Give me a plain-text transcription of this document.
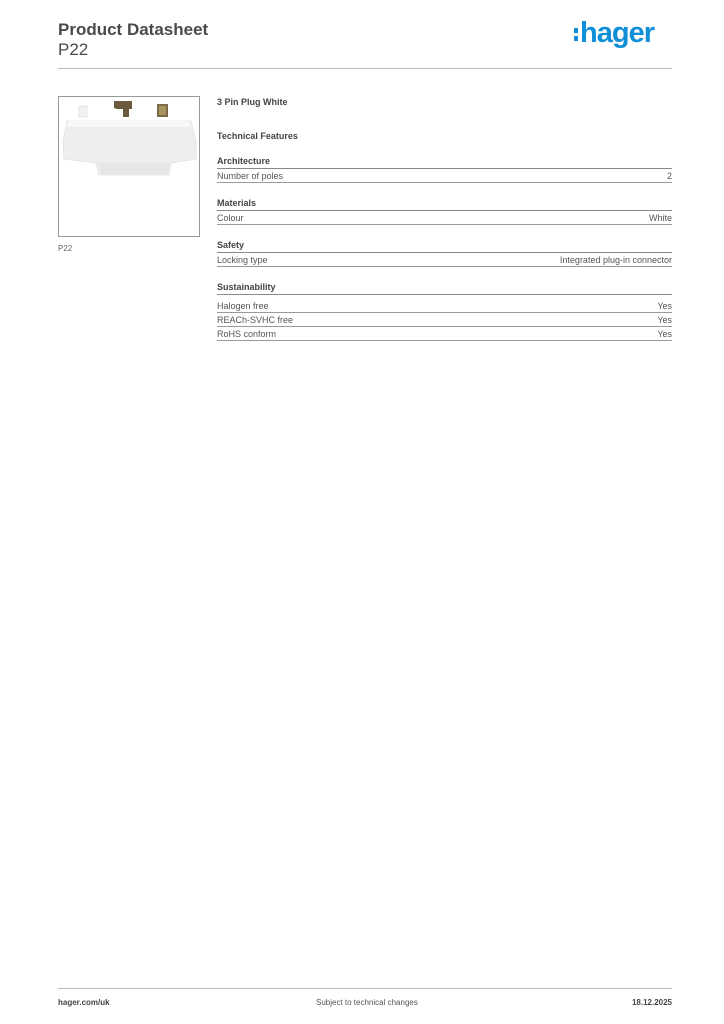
Product Datasheet
P22
hager
P22
3 Pin Plug White
Technical Features
Architecture
Number of poles	2
Materials
Colour	White
Safety
Locking type	Integrated plug-in connector
Sustainability
Halogen free	Yes
REACh-SVHC free	Yes
RoHS conform	Yes
hager.com/uk	Subject to technical changes	18.12.2025
